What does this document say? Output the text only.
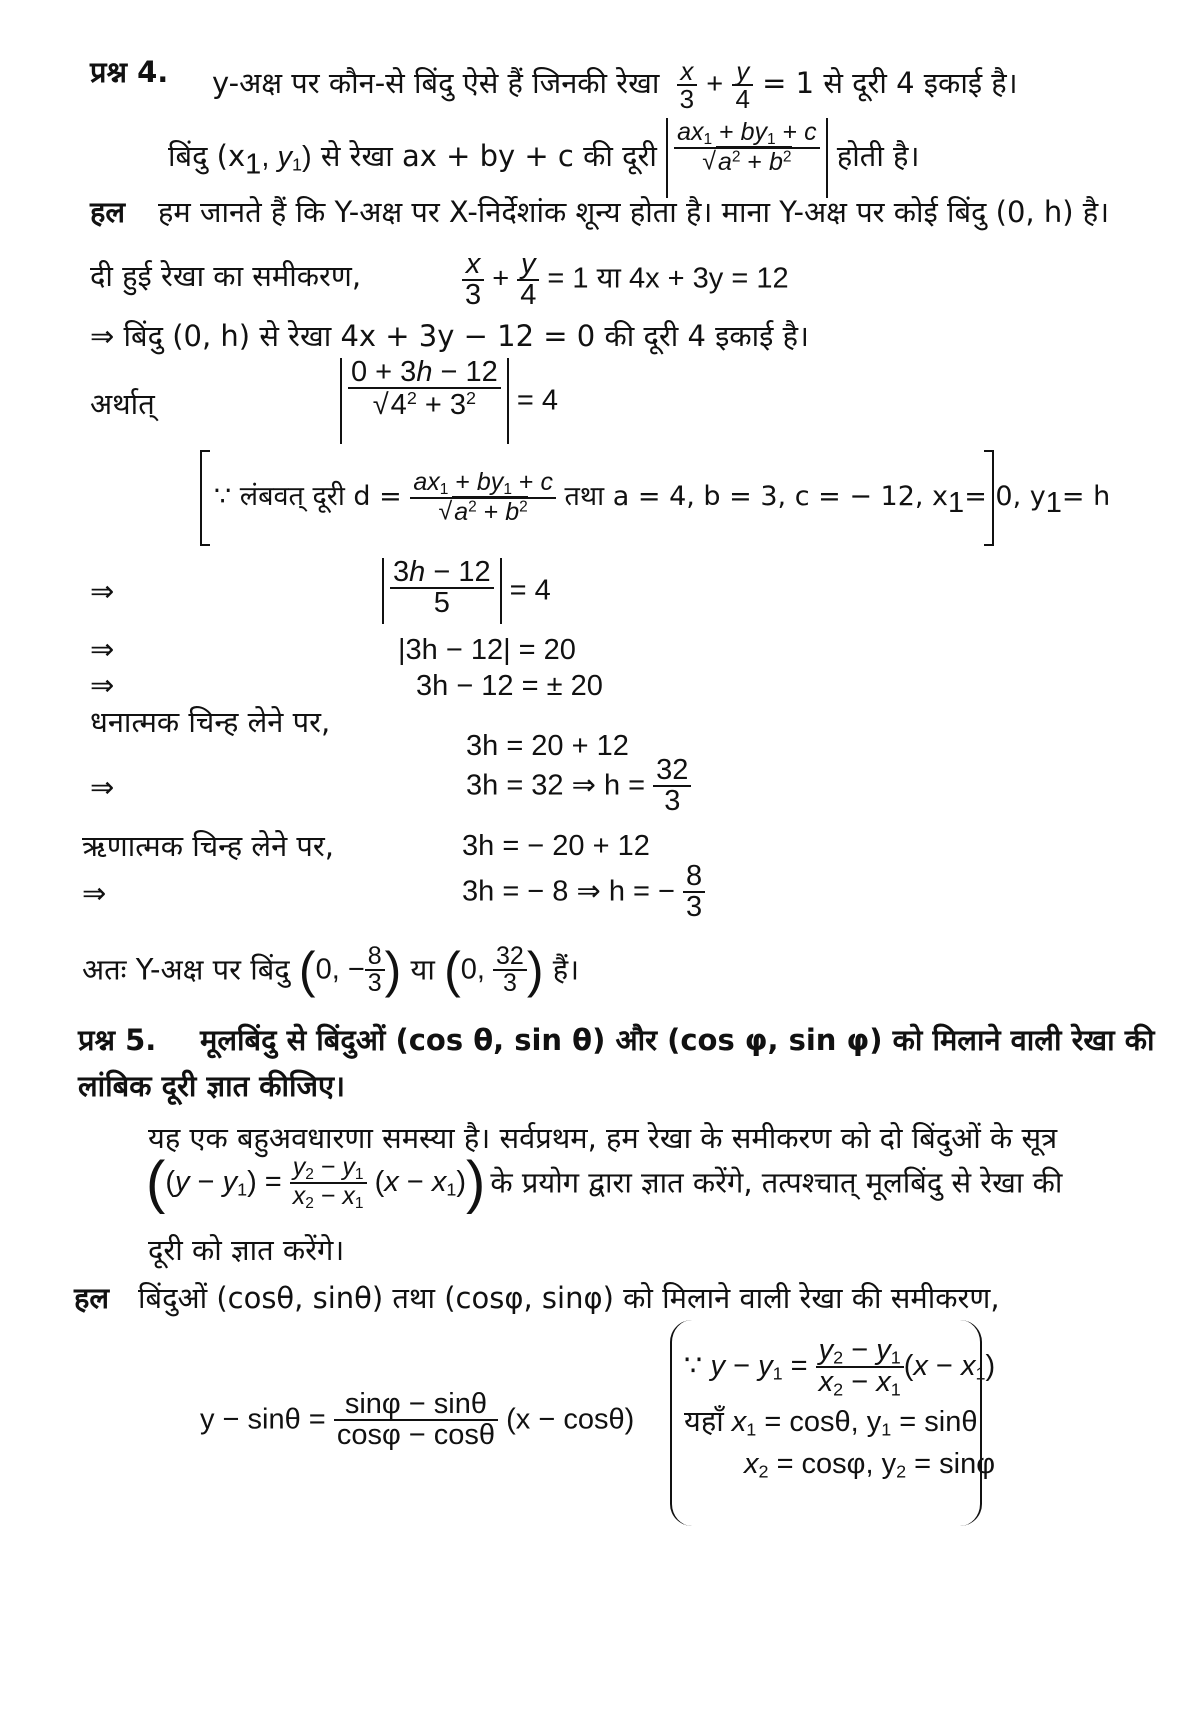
प्रश्न 4. y-अक्ष पर कौन-से बिंदु ऐसे हैं जिनकी रेखा $\frac{x}{3} + \frac{y}{4} = 1$ से दूरी 4 इकाई है।
बिंदु ($x_1$, $y_1$) से रेखा ax + by + c की दूरी $\frac{ax_1 + by_1 + c}{√a^2 + b^2}$ होती है।
हल हम जानते हैं कि Y-अक्ष पर X-निर्देशांक शून्य होता है। माना Y-अक्ष पर कोई बिंदु (0, h) है।
दी हुई रेखा का समीकरण,	$\frac{x}{3} + \frac{y}{4} = 1$ या 4x + 3y = 12
⇒ बिंदु (0, h) से रेखा 4x + 3y − 12 = 0 की दूरी 4 इकाई है।
अर्थात्	$\frac{0 + 3h - 12}{√4^2 + 3^2} = 4$
∵ लंबवत् दूरी $d = \frac{ax_1 + by_1 + c}{√a^2 + b^2}$ तथा a = 4, b = 3, c = − 12, $x_1= 0$, $y_1= h$
⇒	$\frac{3h - 12}{5} = 4$
⇒	|3h − 12| = 20
⇒	3h − 12 = ± 20
धनात्मक चिन्ह लेने पर,
3h = 20 + 12
⇒	3h = 32 ⇒ $h = \frac{32}{3}$
ऋणात्मक चिन्ह लेने पर,	3h = − 20 + 12
⇒	3h = − 8 ⇒ h = − $\frac{8}{3}$
अतः Y-अक्ष पर बिंदु (0, − $\frac{8}{3}$ ) या (0, $\frac{32}{3}$ ) हैं।
प्रश्न 5. मूलबिंदु से बिंदुओं (cos θ, sin θ) और (cos φ, sin φ) को मिलाने वाली रेखा की
लांबिक दूरी ज्ञात कीजिए।
यह एक बहुअवधारणा समस्या है। सर्वप्रथम, हम रेखा के समीकरण को दो बिंदुओं के सूत्र
$((y - y_1) = \frac{y_2 - y_1}{x_2 - x_1} (x - x_1))$ के प्रयोग द्वारा ज्ञात करेंगे, तत्पश्चात् मूलबिंदु से रेखा की
दूरी को ज्ञात करेंगे।
हल बिंदुओं (cosθ, sinθ) तथा (cosφ, sinφ) को मिलाने वाली रेखा की समीकरण,
$y - \sin\theta = \frac{\sin\varphi - \sin\theta}{\cos\varphi - \cos\theta} (x - \cos\theta)$
∵ $y - y_1 = \frac{y_2 - y_1}{x_2 - x_1} (x - x_1)$
यहाँ $x_1 = \cos\theta$, $y_1 = \sin\theta$
$x_2 = \cos\varphi$, $y_2 = \sin\varphi$
